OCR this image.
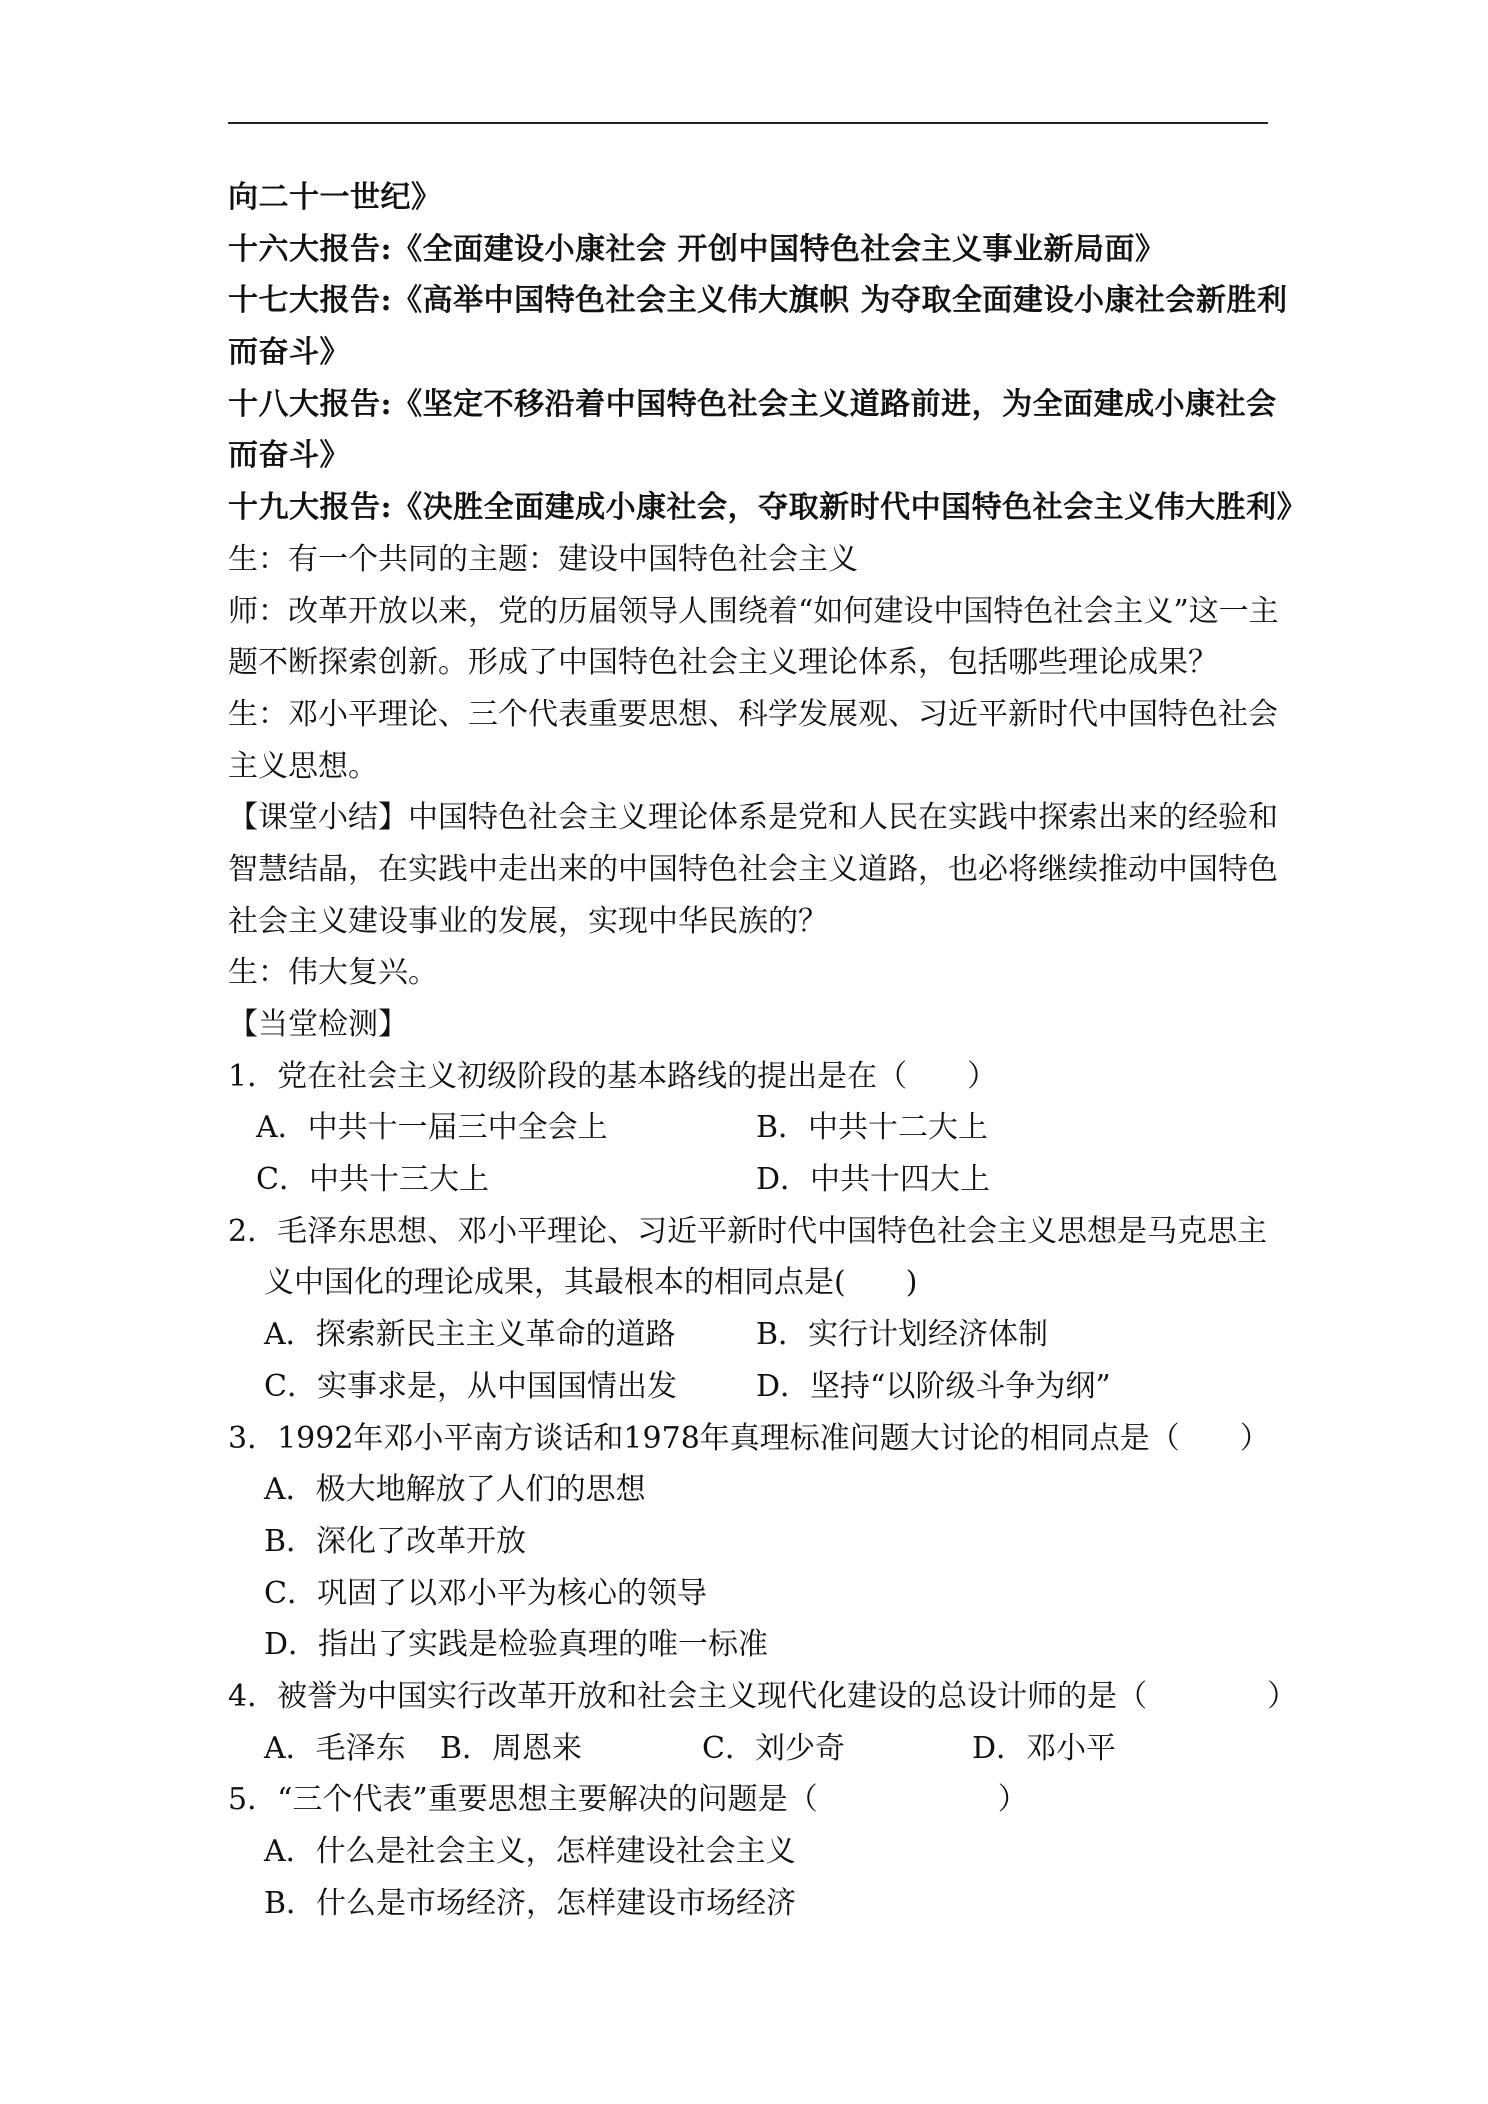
向二十一世纪》
十六大报告:《全面建设小康社会 开创中国特色社会主义事业新局面》
十七大报告:《高举中国特色社会主义伟大旗帜 为夺取全面建设小康社会新胜利
而奋斗》
十八大报告:《坚定不移沿着中国特色社会主义道路前进，为全面建成小康社会
而奋斗》
十九大报告:《决胜全面建成小康社会，夺取新时代中国特色社会主义伟大胜利》
生：有一个共同的主题：建设中国特色社会主义
师：改革开放以来，党的历届领导人围绕着“如何建设中国特色社会主义”这一主
题不断探索创新。形成了中国特色社会主义理论体系，包括哪些理论成果？
生：邓小平理论、三个代表重要思想、科学发展观、习近平新时代中国特色社会
主义思想。
【课堂小结】中国特色社会主义理论体系是党和人民在实践中探索出来的经验和
智慧结晶，在实践中走出来的中国特色社会主义道路，也必将继续推动中国特色
社会主义建设事业的发展，实现中华民族的？
生：伟大复兴。
【当堂检测】
1．党在社会主义初级阶段的基本路线的提出是在（　　）
A．中共十一届三中全会上	B．中共十二大上
C．中共十三大上	D．中共十四大上
2．毛泽东思想、邓小平理论、习近平新时代中国特色社会主义思想是马克思主
义中国化的理论成果，其最根本的相同点是(　　)
A．探索新民主主义革命的道路	B．实行计划经济体制
C．实事求是，从中国国情出发	D．坚持“以阶级斗争为纲”
3．1992年邓小平南方谈话和1978年真理标准问题大讨论的相同点是（　　）
A．极大地解放了人们的思想
B．深化了改革开放
C．巩固了以邓小平为核心的领导
D．指出了实践是检验真理的唯一标准
4．被誉为中国实行改革开放和社会主义现代化建设的总设计师的是（　　　　）
A．毛泽东	B．周恩来	C．刘少奇	D．邓小平
5．“三个代表”重要思想主要解决的问题是（　　　　　　）
A．什么是社会主义，怎样建设社会主义
B．什么是市场经济，怎样建设市场经济
